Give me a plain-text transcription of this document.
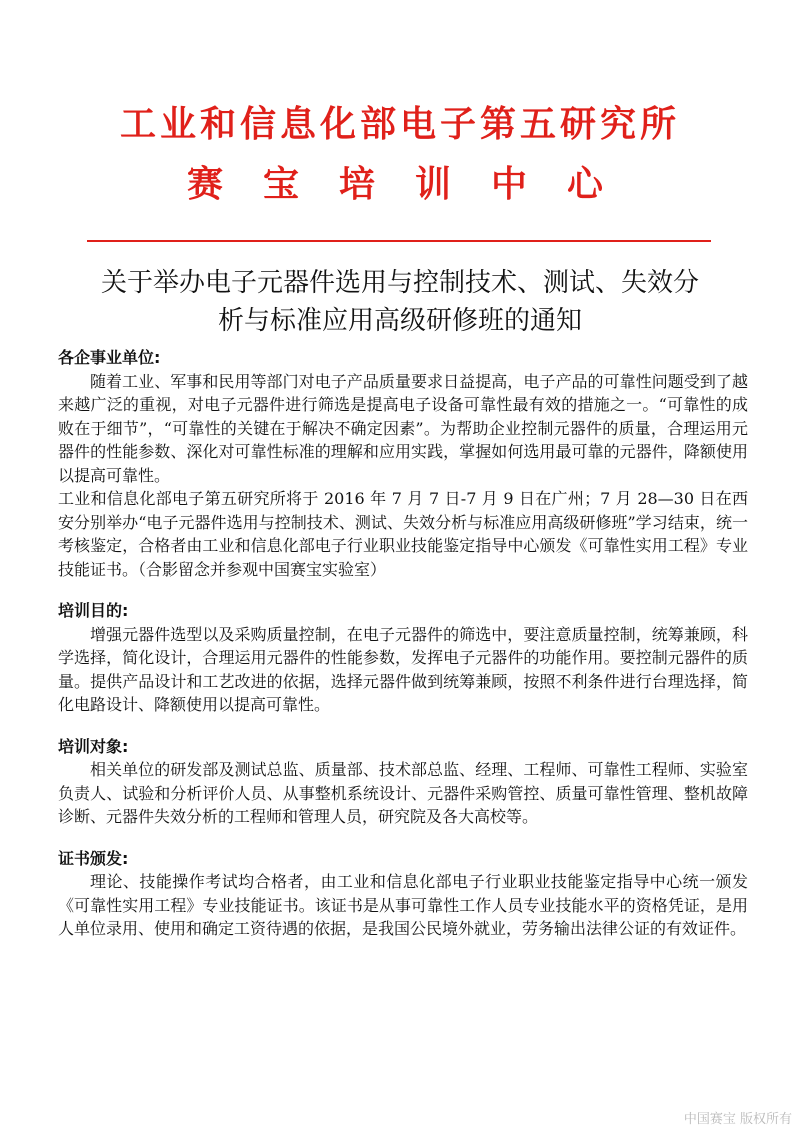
工业和信息化部电子第五研究所
赛宝培训中心
关于举办电子元器件选用与控制技术、测试、失效分
析与标准应用高级研修班的通知
各企事业单位:

随着工业、军事和民用等部门对电子产品质量要求日益提高，电子产品的可靠性问题受到了越来越广泛的重视，对电子元器件进行筛选是提高电子设备可靠性最有效的措施之一。“可靠性的成败在于细节”，“可靠性的关键在于解决不确定因素”。为帮助企业控制元器件的质量，合理运用元器件的性能参数、深化对可靠性标准的理解和应用实践，掌握如何选用最可靠的元器件，降额使用以提高可靠性。

工业和信息化部电子第五研究所将于 2016 年 7 月 7 日-7 月 9 日在广州；7 月 28—30 日在西安分别举办“电子元器件选用与控制技术、测试、失效分析与标准应用高级研修班”学习结束，统一考核鉴定，合格者由工业和信息化部电子行业职业技能鉴定指导中心颁发《可靠性实用工程》专业技能证书。（合影留念并参观中国赛宝实验室）

培训目的:

增强元器件选型以及采购质量控制，在电子元器件的筛选中，要注意质量控制，统筹兼顾，科学选择，简化设计，合理运用元器件的性能参数，发挥电子元器件的功能作用。要控制元器件的质量。提供产品设计和工艺改进的依据，选择元器件做到统筹兼顾，按照不利条件进行台理选择，简化电路设计、降额使用以提高可靠性。

培训对象:

相关单位的研发部及测试总监、质量部、技术部总监、经理、工程师、可靠性工程师、实验室负责人、试验和分析评价人员、从事整机系统设计、元器件采购管控、质量可靠性管理、整机故障诊断、元器件失效分析的工程师和管理人员，研究院及各大高校等。

证书颁发:

理论、技能操作考试均合格者，由工业和信息化部电子行业职业技能鉴定指导中心统一颁发《可靠性实用工程》专业技能证书。该证书是从事可靠性工作人员专业技能水平的资格凭证，是用人单位录用、使用和确定工资待遇的依据，是我国公民境外就业，劳务输出法律公证的有效证件。

中国赛宝 版权所有
